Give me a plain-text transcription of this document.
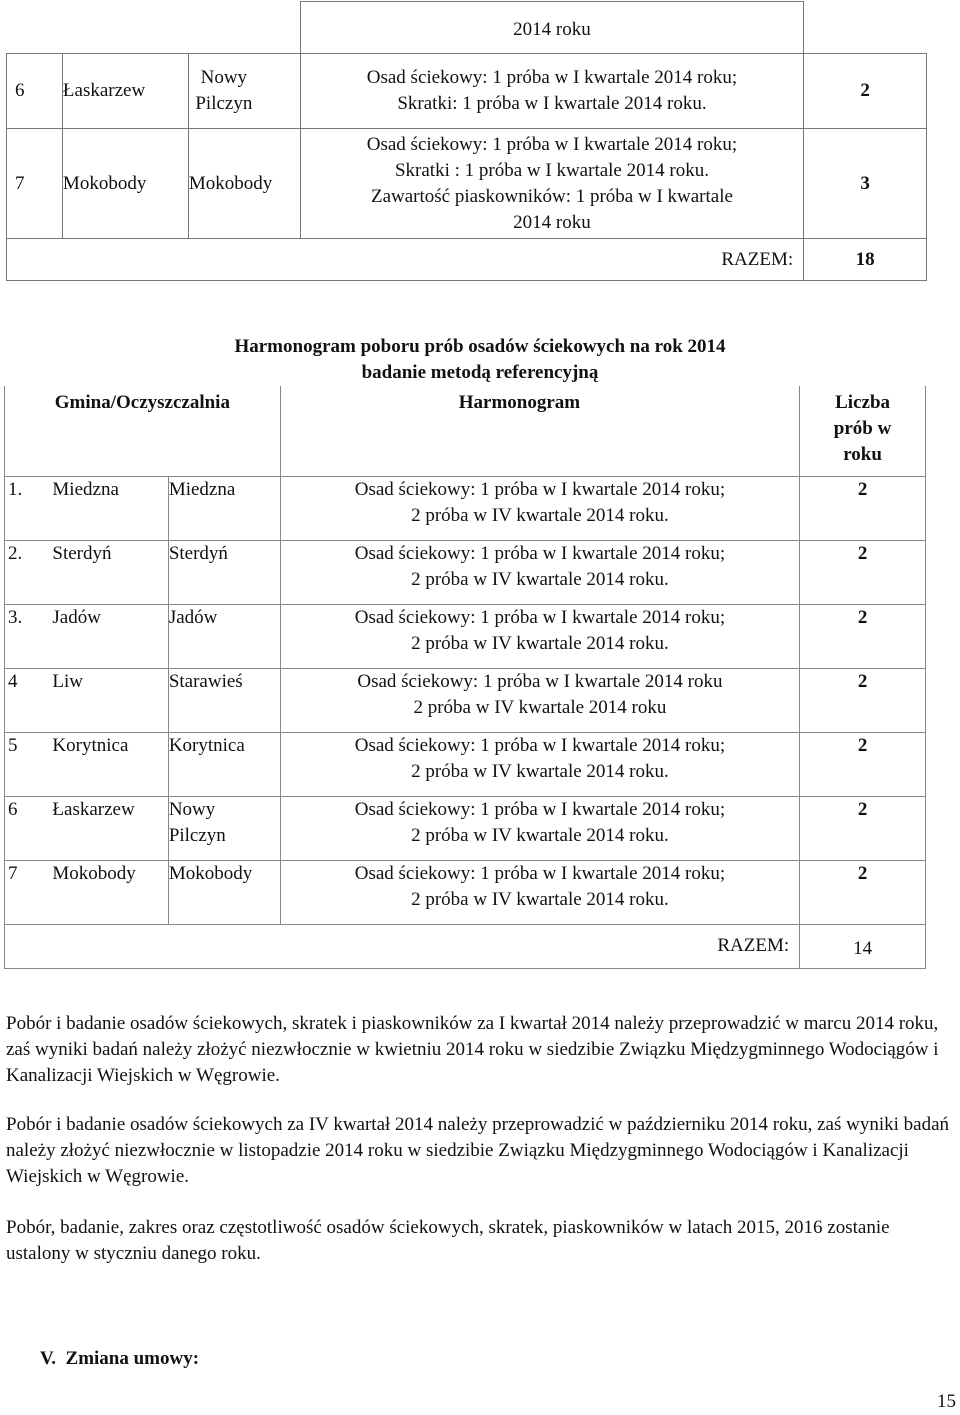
			2014 roku	
6	Łaskarzew	Nowy Pilczyn	Osad ściekowy: 1 próba w I kwartale 2014 roku;
Skratki: 1 próba w I kwartale 2014 roku.	2
7	Mokobody	Mokobody	Osad ściekowy: 1 próba w I kwartale 2014 roku;
Skratki : 1 próba w I kwartale 2014 roku.
Zawartość piaskowników: 1 próba w I kwartale
2014 roku	3
RAZEM:				18
Harmonogram poboru prób osadów ściekowych na rok 2014
badanie metodą referencyjną
Gmina/Oczyszczalnia			Harmonogram	Liczba
prób w
roku

1.	Miedzna	Miedzna	Osad ściekowy: 1 próba w I kwartale 2014 roku;
2 próba w IV kwartale 2014 roku.	2
2.	Sterdyń	Sterdyń	Osad ściekowy: 1 próba w I kwartale 2014 roku;
2 próba w IV kwartale 2014 roku.	2
3.	Jadów	Jadów	Osad ściekowy: 1 próba w I kwartale 2014 roku;
2 próba w IV kwartale 2014 roku.	2
4	Liw	Starawieś	Osad ściekowy: 1 próba w I kwartale 2014 roku
2 próba w IV kwartale 2014 roku	2
5	Korytnica	Korytnica	Osad ściekowy: 1 próba w I kwartale 2014 roku;
2 próba w IV kwartale 2014 roku.	2
6	Łaskarzew	Nowy Pilczyn	Osad ściekowy: 1 próba w I kwartale 2014 roku;
2 próba w IV kwartale 2014 roku.	2
7	Mokobody	Mokobody	Osad ściekowy: 1 próba w I kwartale 2014 roku;
2 próba w IV kwartale 2014 roku.	2
RAZEM:				14

Pobór i badanie osadów ściekowych, skratek i piaskowników za I kwartał 2014 należy przeprowadzić w marcu 2014 roku, zaś wyniki badań należy złożyć niezwłocznie w kwietniu 2014 roku w siedzibie Związku Międzygminnego Wodociągów i Kanalizacji Wiejskich w Węgrowie.

Pobór i badanie osadów ściekowych za IV kwartał 2014 należy przeprowadzić w październiku 2014 roku, zaś wyniki badań należy złożyć niezwłocznie w listopadzie 2014 roku w siedzibie Związku Międzygminnego Wodociągów i Kanalizacji Wiejskich w Węgrowie.

Pobór, badanie, zakres oraz częstotliwość osadów ściekowych, skratek, piaskowników w latach 2015, 2016 zostanie ustalony w styczniu danego roku.

V.  Zmiana umowy:
15
